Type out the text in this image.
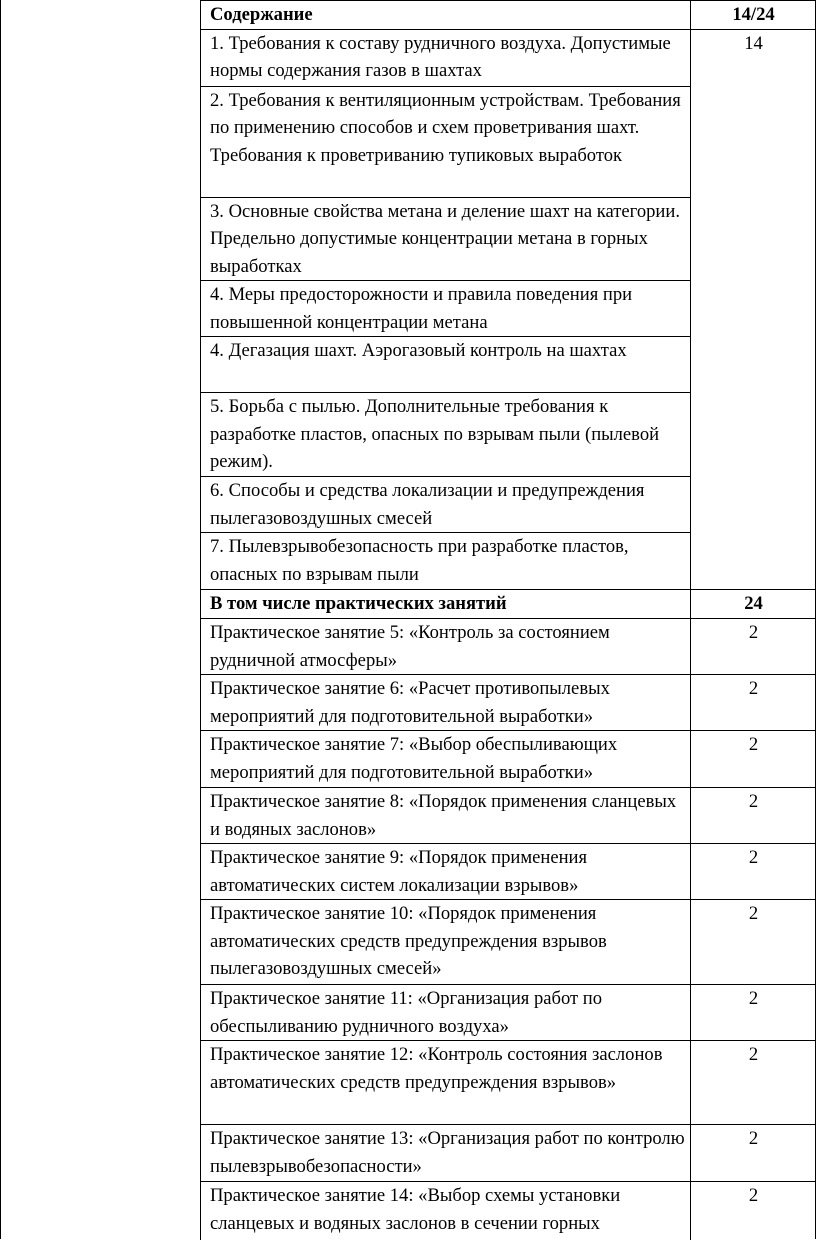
Содержание	14/24
1. Требования к составу рудничного воздуха. Допустимые нормы содержания газов в шахтах	14
2. Требования к вентиляционным устройствам. Требования по применению способов и схем проветривания шахт. Требования к проветриванию тупиковых выработок	
3. Основные свойства метана и деление шахт на категории. Предельно допустимые концентрации метана в горных выработках	
4. Меры предосторожности и правила поведения при повышенной концентрации метана	
4. Дегазация шахт. Аэрогазовый контроль на шахтах	
5. Борьба с пылью. Дополнительные требования к разработке пластов, опасных по взрывам пыли (пылевой режим).	
6. Способы и средства локализации и предупреждения пылегазовоздушных смесей	
7. Пылевзрывобезопасность при разработке пластов, опасных по взрывам пыли	
В том числе практических занятий	24
Практическое занятие 5: «Контроль за состоянием рудничной атмосферы»	2
Практическое занятие 6: «Расчет противопылевых мероприятий для подготовительной выработки»	2
Практическое занятие 7: «Выбор обеспыливающих мероприятий для подготовительной выработки»	2
Практическое занятие 8: «Порядок применения сланцевых и водяных заслонов»	2
Практическое занятие 9: «Порядок применения автоматических систем локализации взрывов»	2
Практическое занятие 10: «Порядок применения автоматических средств предупреждения взрывов пылегазовоздушных смесей»	2
Практическое занятие 11: «Организация работ по обеспыливанию рудничного воздуха»	2
Практическое занятие 12: «Контроль состояния заслонов автоматических средств предупреждения взрывов»	2
Практическое занятие 13: «Организация работ по контролю пылевзрывобезопасности»	2
Практическое занятие 14: «Выбор схемы установки сланцевых и водяных заслонов в сечении горных	2
